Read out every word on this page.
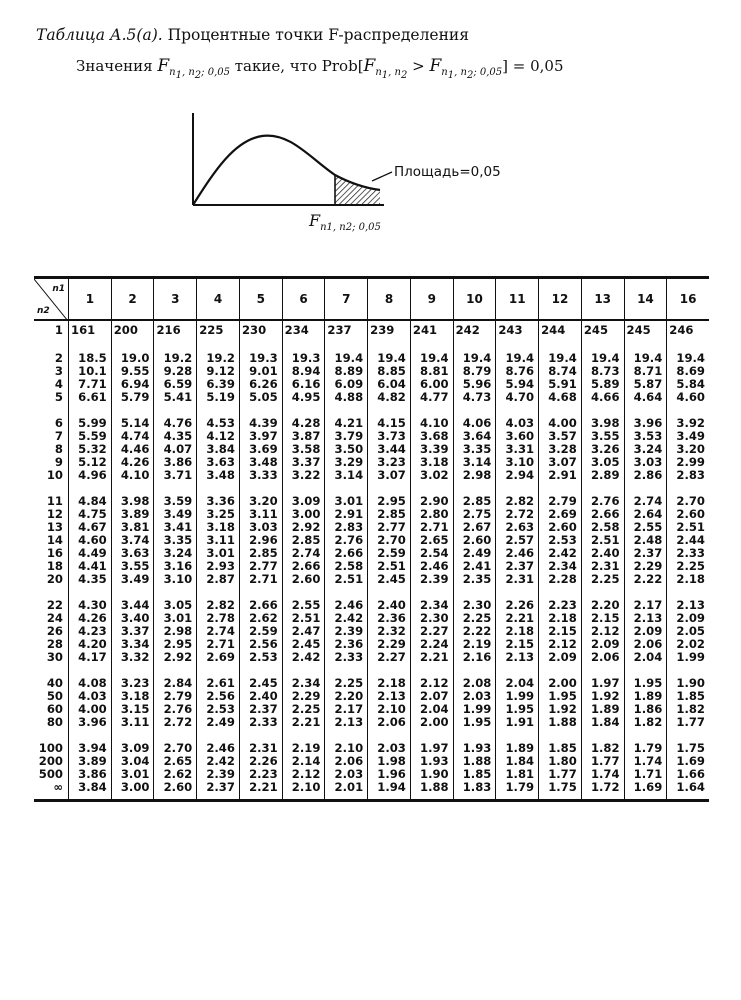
Таблица А.5(а). Процентные точки F-распределения
Значения $F_{n_1, n_2; 0,05}$ такие, что $Prob[F_{n_1, n_2} > F_{n_1, n_2; 0,05}] = 0,05$
Площадь=0,05
$F_{n1, n2; 0,05}$
n1
n2	1	2	3	4	5	6	7	8	9	10	11	12	13	14	16
1	161	200	216	225	230	234	237	239	241	242	243	244	245	245	246
2	18.5	19.0	19.2	19.2	19.3	19.3	19.4	19.4	19.4	19.4	19.4	19.4	19.4	19.4	19.4
3	10.1	9.55	9.28	9.12	9.01	8.94	8.89	8.85	8.81	8.79	8.76	8.74	8.73	8.71	8.69
4	7.71	6.94	6.59	6.39	6.26	6.16	6.09	6.04	6.00	5.96	5.94	5.91	5.89	5.87	5.84
5	6.61	5.79	5.41	5.19	5.05	4.95	4.88	4.82	4.77	4.73	4.70	4.68	4.66	4.64	4.60
6	5.99	5.14	4.76	4.53	4.39	4.28	4.21	4.15	4.10	4.06	4.03	4.00	3.98	3.96	3.92
7	5.59	4.74	4.35	4.12	3.97	3.87	3.79	3.73	3.68	3.64	3.60	3.57	3.55	3.53	3.49
8	5.32	4.46	4.07	3.84	3.69	3.58	3.50	3.44	3.39	3.35	3.31	3.28	3.26	3.24	3.20
9	5.12	4.26	3.86	3.63	3.48	3.37	3.29	3.23	3.18	3.14	3.10	3.07	3.05	3.03	2.99
10	4.96	4.10	3.71	3.48	3.33	3.22	3.14	3.07	3.02	2.98	2.94	2.91	2.89	2.86	2.83
11	4.84	3.98	3.59	3.36	3.20	3.09	3.01	2.95	2.90	2.85	2.82	2.79	2.76	2.74	2.70
12	4.75	3.89	3.49	3.25	3.11	3.00	2.91	2.85	2.80	2.75	2.72	2.69	2.66	2.64	2.60
13	4.67	3.81	3.41	3.18	3.03	2.92	2.83	2.77	2.71	2.67	2.63	2.60	2.58	2.55	2.51
14	4.60	3.74	3.35	3.11	2.96	2.85	2.76	2.70	2.65	2.60	2.57	2.53	2.51	2.48	2.44
16	4.49	3.63	3.24	3.01	2.85	2.74	2.66	2.59	2.54	2.49	2.46	2.42	2.40	2.37	2.33
18	4.41	3.55	3.16	2.93	2.77	2.66	2.58	2.51	2.46	2.41	2.37	2.34	2.31	2.29	2.25
20	4.35	3.49	3.10	2.87	2.71	2.60	2.51	2.45	2.39	2.35	2.31	2.28	2.25	2.22	2.18
22	4.30	3.44	3.05	2.82	2.66	2.55	2.46	2.40	2.34	2.30	2.26	2.23	2.20	2.17	2.13
24	4.26	3.40	3.01	2.78	2.62	2.51	2.42	2.36	2.30	2.25	2.21	2.18	2.15	2.13	2.09
26	4.23	3.37	2.98	2.74	2.59	2.47	2.39	2.32	2.27	2.22	2.18	2.15	2.12	2.09	2.05
28	4.20	3.34	2.95	2.71	2.56	2.45	2.36	2.29	2.24	2.19	2.15	2.12	2.09	2.06	2.02
30	4.17	3.32	2.92	2.69	2.53	2.42	2.33	2.27	2.21	2.16	2.13	2.09	2.06	2.04	1.99
40	4.08	3.23	2.84	2.61	2.45	2.34	2.25	2.18	2.12	2.08	2.04	2.00	1.97	1.95	1.90
50	4.03	3.18	2.79	2.56	2.40	2.29	2.20	2.13	2.07	2.03	1.99	1.95	1.92	1.89	1.85
60	4.00	3.15	2.76	2.53	2.37	2.25	2.17	2.10	2.04	1.99	1.95	1.92	1.89	1.86	1.82
80	3.96	3.11	2.72	2.49	2.33	2.21	2.13	2.06	2.00	1.95	1.91	1.88	1.84	1.82	1.77
100	3.94	3.09	2.70	2.46	2.31	2.19	2.10	2.03	1.97	1.93	1.89	1.85	1.82	1.79	1.75
200	3.89	3.04	2.65	2.42	2.26	2.14	2.06	1.98	1.93	1.88	1.84	1.80	1.77	1.74	1.69
500	3.86	3.01	2.62	2.39	2.23	2.12	2.03	1.96	1.90	1.85	1.81	1.77	1.74	1.71	1.66
∞	3.84	3.00	2.60	2.37	2.21	2.10	2.01	1.94	1.88	1.83	1.79	1.75	1.72	1.69	1.64
